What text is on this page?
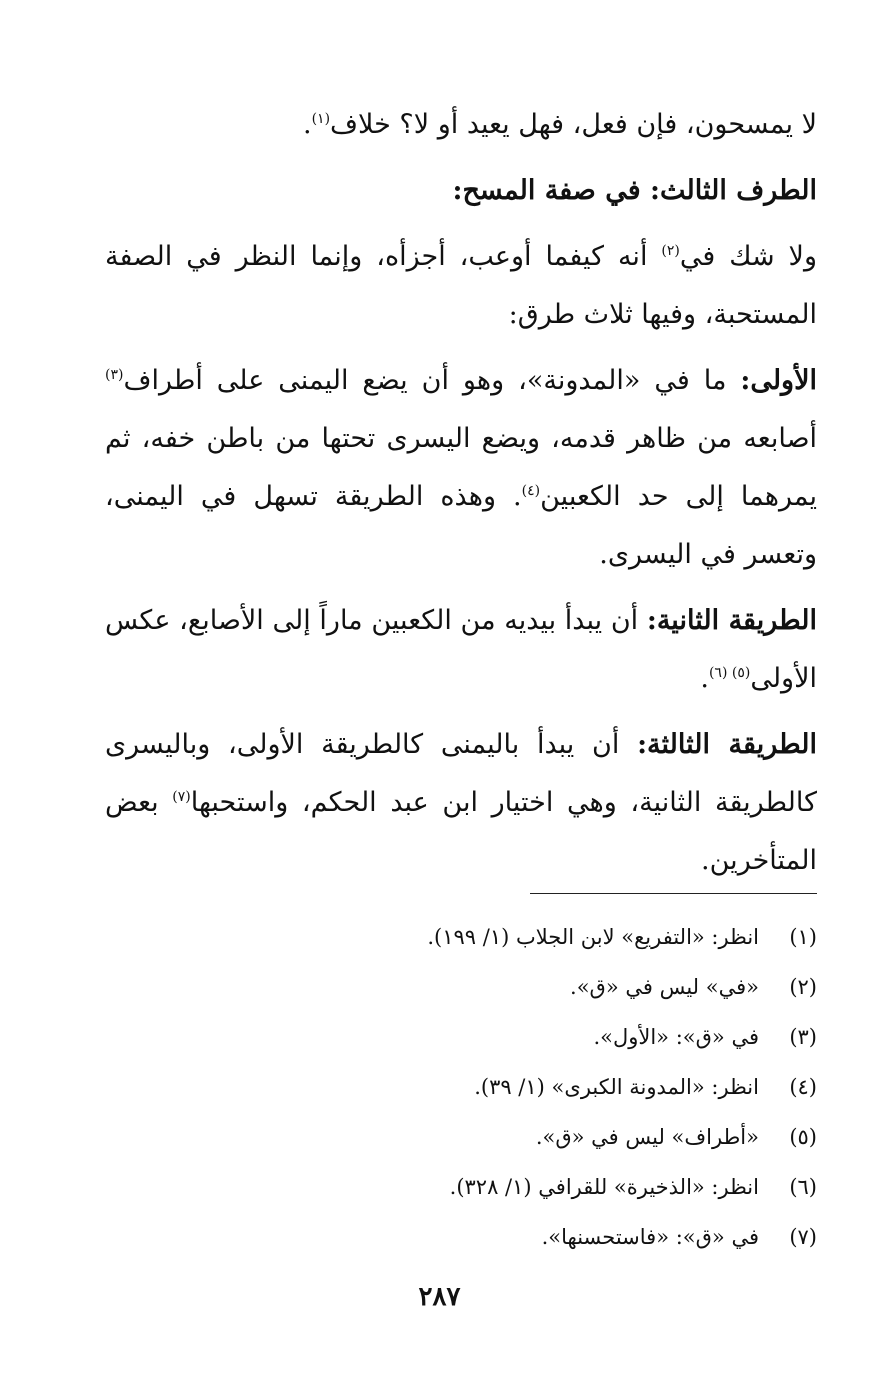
لا يمسحون، فإن فعل، فهل يعيد أو لا؟ خلاف$^{(١)}$.

الطرف الثالث: في صفة المسح:

ولا شك في$^{(٢)}$ أنه كيفما أوعب، أجزأه، وإنما النظر في الصفة المستحبة، وفيها ثلاث طرق:

الأولى: ما في «المدونة»، وهو أن يضع اليمنى على أطراف$^{(٣)}$ أصابعه من ظاهر قدمه، ويضع اليسرى تحتها من باطن خفه، ثم يمرهما إلى حد الكعبين$^{(٤)}$. وهذه الطريقة تسهل في اليمنى، وتعسر في اليسرى.

الطريقة الثانية: أن يبدأ بيديه من الكعبين ماراً إلى الأصابع، عكس الأولى$^{(٥) (٦)}$.

الطريقة الثالثة: أن يبدأ باليمنى كالطريقة الأولى، وباليسرى كالطريقة الثانية، وهي اختيار ابن عبد الحكم، واستحبها$^{(٧)}$ بعض المتأخرين.

(١)انظر: «التفريع» لابن الجلاب (١/ ١٩٩).
(٢)«في» ليس في «ق».
(٣)في «ق»: «الأول».
(٤)انظر: «المدونة الكبرى» (١/ ٣٩).
(٥)«أطراف» ليس في «ق».
(٦)انظر: «الذخيرة» للقرافي (١/ ٣٢٨).
(٧)في «ق»: «فاستحسنها».
٢٨٧
